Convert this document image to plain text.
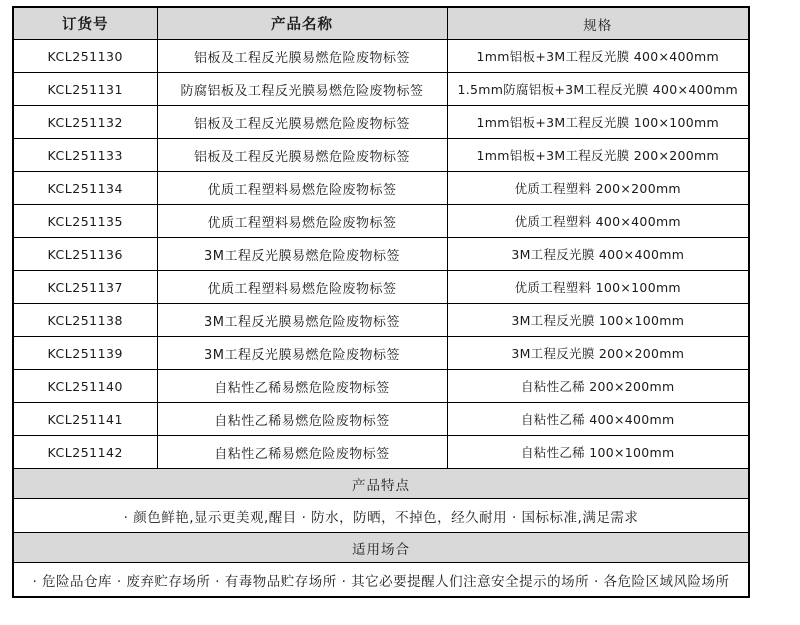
订货号	产品名称	规格
KCL251130	铝板及工程反光膜易燃危险废物标签	1mm铝板+3M工程反光膜 400×400mm
KCL251131	防腐铝板及工程反光膜易燃危险废物标签	1.5mm防腐铝板+3M工程反光膜 400×400mm
KCL251132	铝板及工程反光膜易燃危险废物标签	1mm铝板+3M工程反光膜 100×100mm
KCL251133	铝板及工程反光膜易燃危险废物标签	1mm铝板+3M工程反光膜 200×200mm
KCL251134	优质工程塑料易燃危险废物标签	优质工程塑料 200×200mm
KCL251135	优质工程塑料易燃危险废物标签	优质工程塑料 400×400mm
KCL251136	3M工程反光膜易燃危险废物标签	3M工程反光膜 400×400mm
KCL251137	优质工程塑料易燃危险废物标签	优质工程塑料 100×100mm
KCL251138	3M工程反光膜易燃危险废物标签	3M工程反光膜 100×100mm
KCL251139	3M工程反光膜易燃危险废物标签	3M工程反光膜 200×200mm
KCL251140	自粘性乙稀易燃危险废物标签	自粘性乙稀 200×200mm
KCL251141	自粘性乙稀易燃危险废物标签	自粘性乙稀 400×400mm
KCL251142	自粘性乙稀易燃危险废物标签	自粘性乙稀 100×100mm
产品特点		
· 颜色鲜艳,显示更美观,醒目 · 防水，防晒，不掉色，经久耐用 · 国标标准,满足需求		
适用场合		
· 危险品仓库 · 废弃贮存场所 · 有毒物品贮存场所 · 其它必要提醒人们注意安全提示的场所 · 各危险区域风险场所		
